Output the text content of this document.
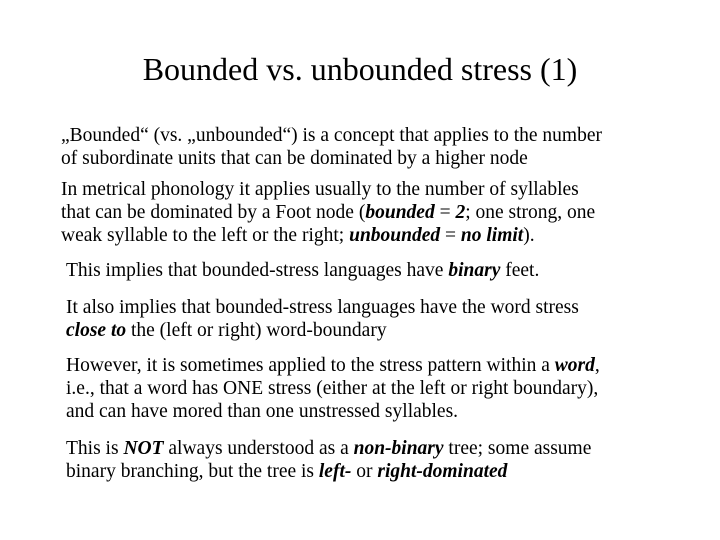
Bounded vs. unbounded stress (1)
„Bounded“ (vs. „unbounded“) is a concept that applies to the number
of subordinate units that can be dominated by a higher node
In metrical phonology it applies usually to the number of syllables
that can be dominated by a Foot node (bounded = 2; one strong, one
weak syllable to the left or the right; unbounded = no limit).
This implies that bounded-stress languages have binary feet.
It also implies that bounded-stress languages have the word stress
close to the (left or right) word-boundary
However, it is sometimes applied to the stress pattern within a word,
i.e., that a word has ONE stress (either at the left or right boundary),
and can have mored than one unstressed syllables.
This is NOT always understood as a non-binary tree; some assume
binary branching, but the tree is left- or right-dominated
